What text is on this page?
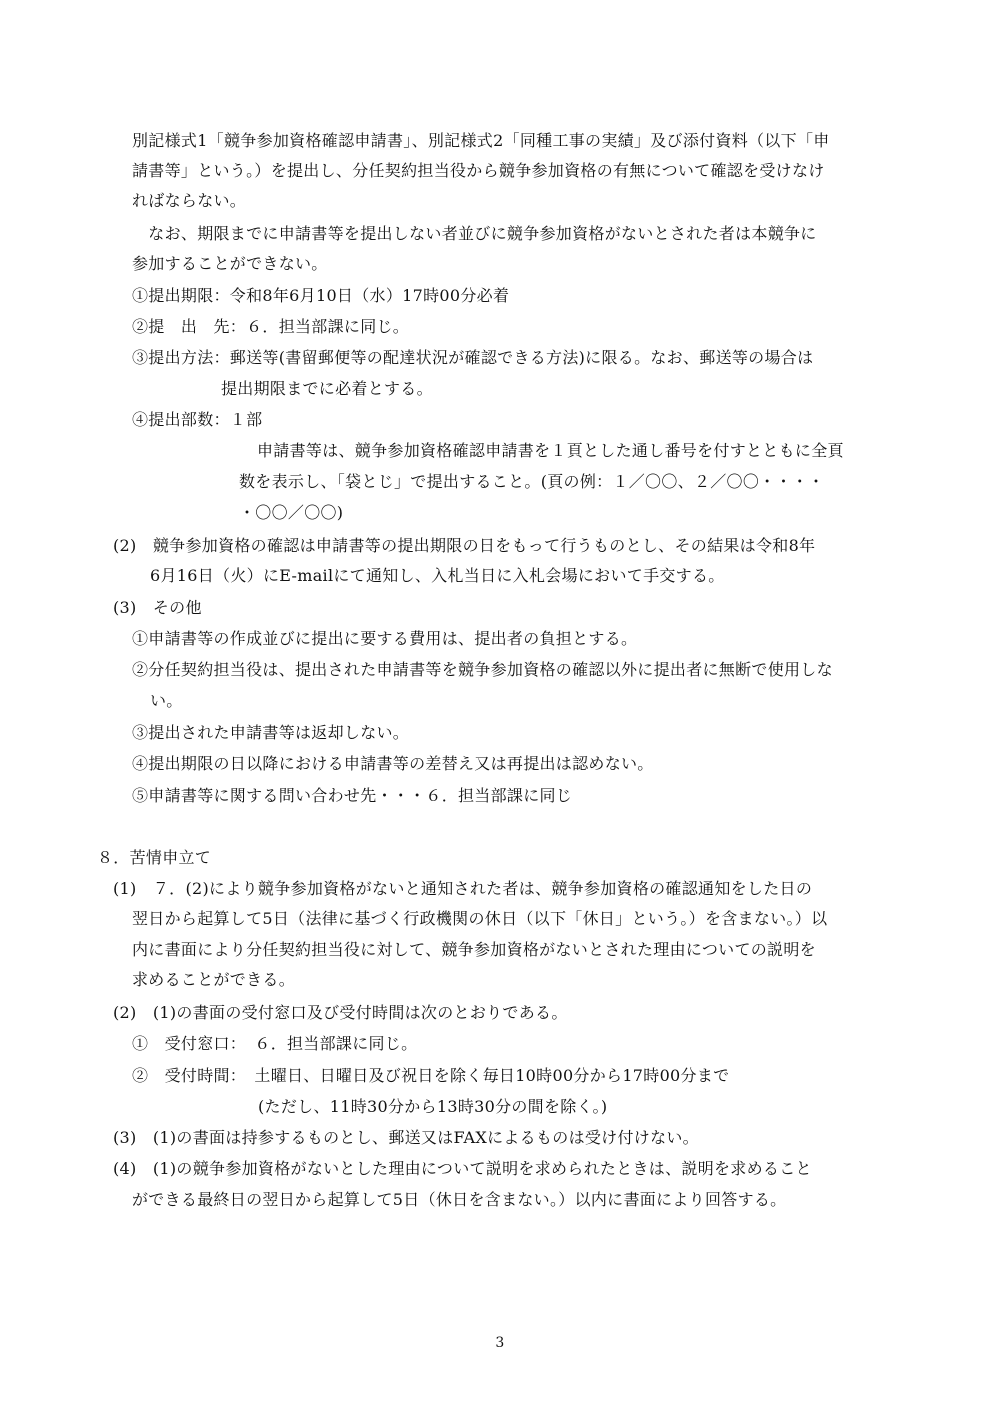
別記様式1「競争参加資格確認申請書」、別記様式2「同種工事の実績」及び添付資料（以下「申
請書等」という。）を提出し、分任契約担当役から競争参加資格の有無について確認を受けなけ
ればならない。
　なお、期限までに申請書等を提出しない者並びに競争参加資格がないとされた者は本競争に
参加することができない。
①提出期限：令和8年6月10日（水）17時00分必着
②提　出　先：６．担当部課に同じ。
③提出方法：郵送等(書留郵便等の配達状況が確認できる方法)に限る。なお、郵送等の場合は
提出期限までに必着とする。
④提出部数：１部
申請書等は、競争参加資格確認申請書を１頁とした通し番号を付すとともに全頁
数を表示し、「袋とじ」で提出すること。(頁の例：１／〇〇、２／〇〇・・・・
・〇〇／〇〇)
(2)　競争参加資格の確認は申請書等の提出期限の日をもって行うものとし、その結果は令和8年
6月16日（火）にE-mailにて通知し、入札当日に入札会場において手交する。
(3)　その他
①申請書等の作成並びに提出に要する費用は、提出者の負担とする。
②分任契約担当役は、提出された申請書等を競争参加資格の確認以外に提出者に無断で使用しな
い。
③提出された申請書等は返却しない。
④提出期限の日以降における申請書等の差替え又は再提出は認めない。
⑤申請書等に関する問い合わせ先・・・６．担当部課に同じ
８．苦情申立て
(1)　７．(2)により競争参加資格がないと通知された者は、競争参加資格の確認通知をした日の
翌日から起算して5日（法律に基づく行政機関の休日（以下「休日」という。）を含まない。）以
内に書面により分任契約担当役に対して、競争参加資格がないとされた理由についての説明を
求めることができる。
(2)　(1)の書面の受付窓口及び受付時間は次のとおりである。
①　受付窓口：　６．担当部課に同じ。
②　受付時間：　土曜日、日曜日及び祝日を除く毎日10時00分から17時00分まで
(ただし、11時30分から13時30分の間を除く。)
(3)　(1)の書面は持参するものとし、郵送又はFAXによるものは受け付けない。
(4)　(1)の競争参加資格がないとした理由について説明を求められたときは、説明を求めること
ができる最終日の翌日から起算して5日（休日を含まない。）以内に書面により回答する。
3
